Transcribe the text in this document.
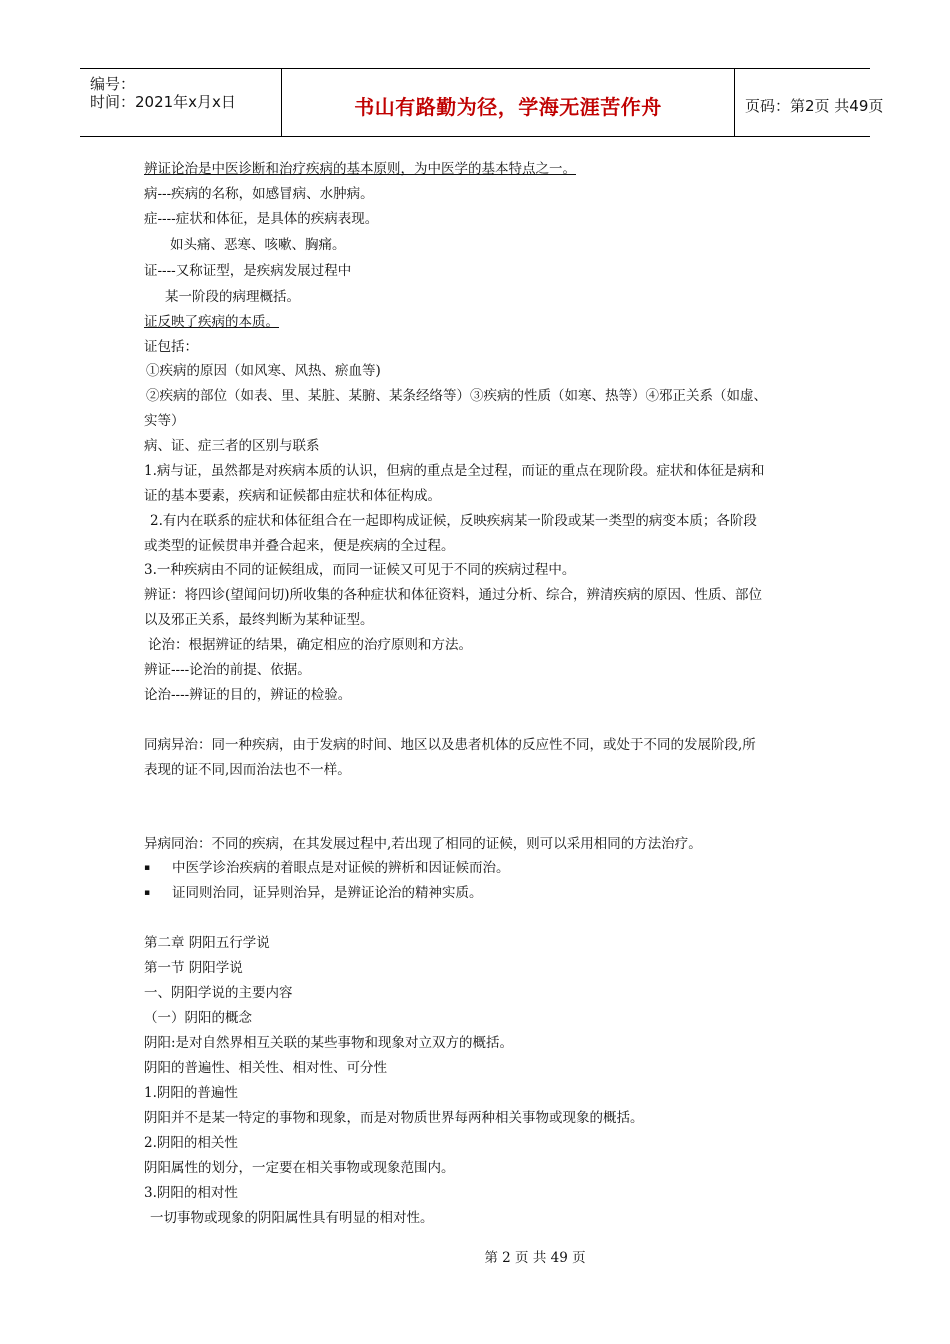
编号：
时间：2021年x月x日	书山有路勤为径，学海无涯苦作舟	页码：第2页 共49页
辨证论治是中医诊断和治疗疾病的基本原则，为中医学的基本特点之一。
病---疾病的名称，如感冒病、水肿病。
症----症状和体征，是具体的疾病表现。
如头痛、恶寒、咳嗽、胸痛。
证----又称证型，是疾病发展过程中
某一阶段的病理概括。
证反映了疾病的本质。
证包括：
①疾病的原因（如风寒、风热、瘀血等)
②疾病的部位（如表、里、某脏、某腑、某条经络等）③疾病的性质（如寒、热等）④邪正关系（如虚、
实等）
病、证、症三者的区别与联系
1.病与证，虽然都是对疾病本质的认识，但病的重点是全过程，而证的重点在现阶段。症状和体征是病和
证的基本要素，疾病和证候都由症状和体征构成。
2.有内在联系的症状和体征组合在一起即构成证候，反映疾病某一阶段或某一类型的病变本质；各阶段
或类型的证候贯串并叠合起来，便是疾病的全过程。
3.一种疾病由不同的证候组成，而同一证候又可见于不同的疾病过程中。
辨证：将四诊(望闻问切)所收集的各种症状和体征资料，通过分析、综合，辨清疾病的原因、性质、部位
以及邪正关系，最终判断为某种证型。
论治：根据辨证的结果，确定相应的治疗原则和方法。
辨证----论治的前提、依据。
论治----辨证的目的，辨证的检验。
同病异治：同一种疾病，由于发病的时间、地区以及患者机体的反应性不同，或处于不同的发展阶段,所
表现的证不同,因而治法也不一样。
异病同治：不同的疾病，在其发展过程中,若出现了相同的证候，则可以采用相同的方法治疗。
▪ 中医学诊治疾病的着眼点是对证候的辨析和因证候而治。
▪ 证同则治同，证异则治异，是辨证论治的精神实质。
第二章 阴阳五行学说
第一节 阴阳学说
一、阴阳学说的主要内容
（一）阴阳的概念
阴阳:是对自然界相互关联的某些事物和现象对立双方的概括。
阴阳的普遍性、相关性、相对性、可分性
1.阴阳的普遍性
阴阳并不是某一特定的事物和现象，而是对物质世界每两种相关事物或现象的概括。
2.阴阳的相关性
阴阳属性的划分，一定要在相关事物或现象范围内。
3.阴阳的相对性
一切事物或现象的阴阳属性具有明显的相对性。
第 2 页 共 49 页
